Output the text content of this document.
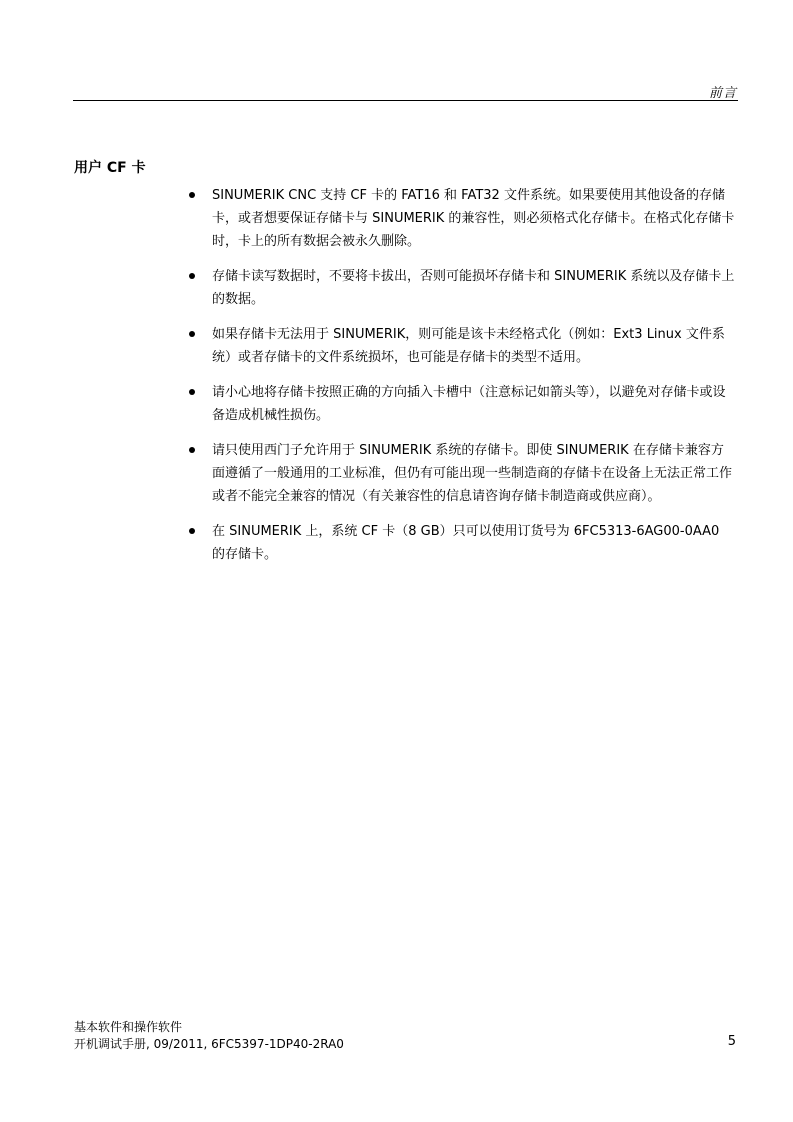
前言
用户 CF 卡
SINUMERIK CNC 支持 CF 卡的 FAT16 和 FAT32 文件系统。如果要使用其他设备的存储卡，或者想要保证存储卡与 SINUMERIK 的兼容性，则必须格式化存储卡。在格式化存储卡时，卡上的所有数据会被永久删除。
存储卡读写数据时，不要将卡拔出，否则可能损坏存储卡和 SINUMERIK 系统以及存储卡上的数据。
如果存储卡无法用于 SINUMERIK，则可能是该卡未经格式化（例如：Ext3 Linux 文件系统）或者存储卡的文件系统损坏，也可能是存储卡的类型不适用。
请小心地将存储卡按照正确的方向插入卡槽中（注意标记如箭头等），以避免对存储卡或设备造成机械性损伤。
请只使用西门子允许用于 SINUMERIK 系统的存储卡。即使 SINUMERIK 在存储卡兼容方面遵循了一般通用的工业标准，但仍有可能出现一些制造商的存储卡在设备上无法正常工作或者不能完全兼容的情况（有关兼容性的信息请咨询存储卡制造商或供应商）。
在 SINUMERIK 上，系统 CF 卡（8 GB）只可以使用订货号为 6FC5313-6AG00-0AA0 的存储卡。
基本软件和操作软件
开机调试手册, 09/2011, 6FC5397-1DP40-2RA0	5
